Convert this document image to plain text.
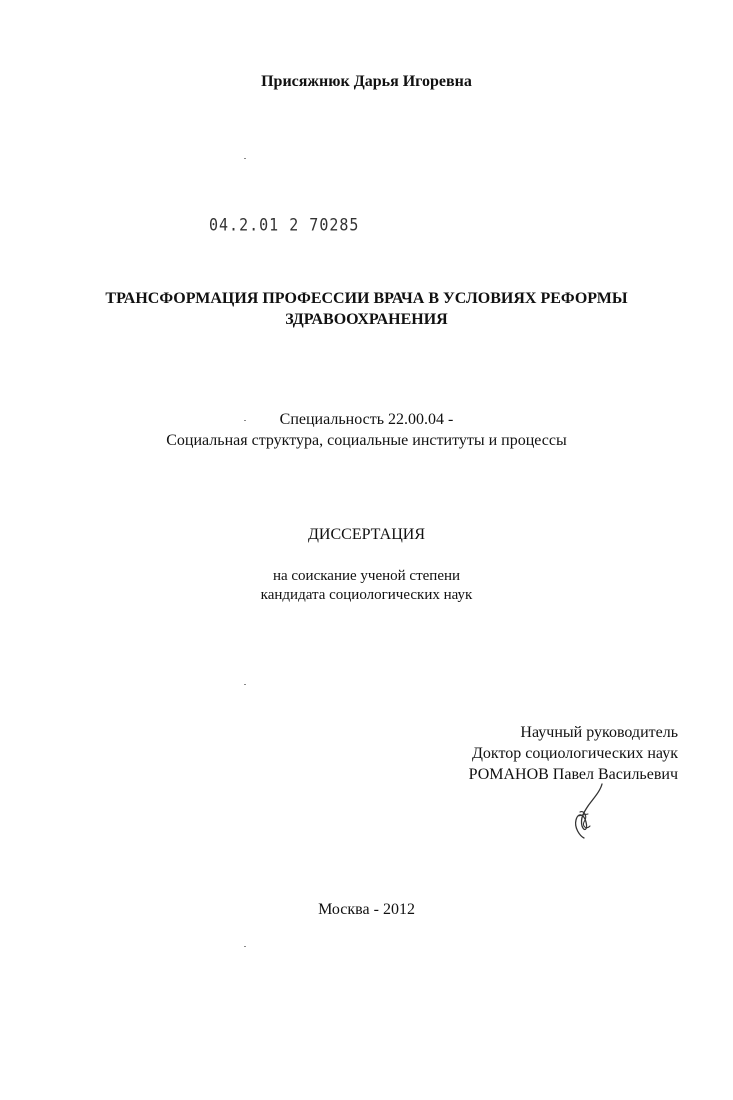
Присяжнюк Дарья Игоревна
04.2.01 2 70285
ТРАНСФОРМАЦИЯ ПРОФЕССИИ ВРАЧА В УСЛОВИЯХ РЕФОРМЫ
ЗДРАВООХРАНЕНИЯ
Специальность 22.00.04 -
Социальная структура, социальные институты и процессы
ДИССЕРТАЦИЯ
на соискание ученой степени
кандидата социологических наук
Научный руководитель
Доктор социологических наук
РОМАНОВ Павел Васильевич
Москва - 2012
